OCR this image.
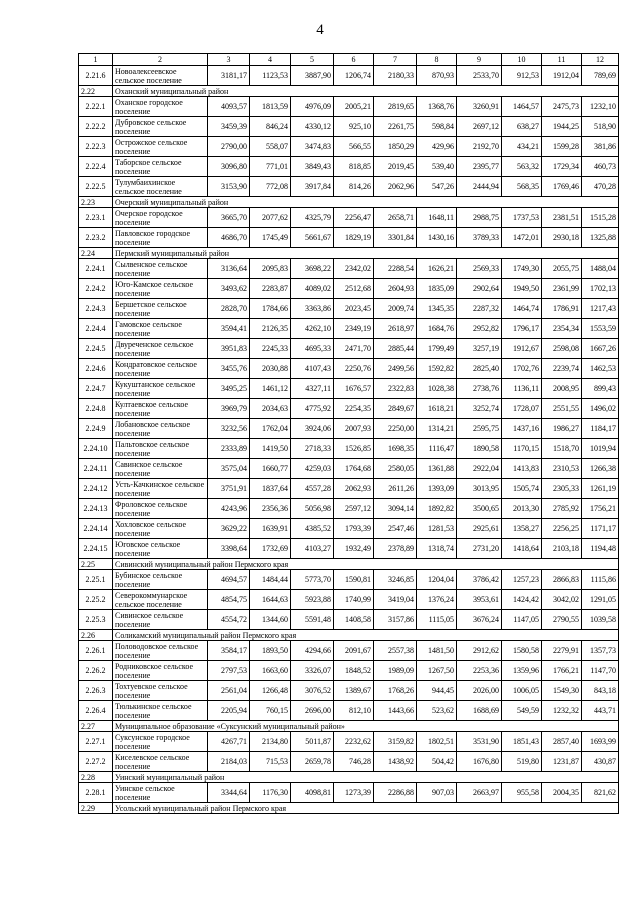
4
1	2	3	4	5	6	7	8	9	10	11	12
2.21.6	Новоалексеевское сельское поселение	3181,17	1123,53	3887,90	1206,74	2180,33	870,93	2533,70	912,53	1912,04	789,69
2.22	Оханский муниципальный район										
2.22.1	Оханское городское поселение	4093,57	1813,59	4976,09	2005,21	2819,65	1368,76	3260,91	1464,57	2475,73	1232,10
2.22.2	Дубровское сельское поселение	3459,39	846,24	4330,12	925,10	2261,75	598,84	2697,12	638,27	1944,25	518,90
2.22.3	Острожское сельское поселение	2790,00	558,07	3474,83	566,55	1850,29	429,96	2192,70	434,21	1599,28	381,86
2.22.4	Таборское сельское поселение	3096,80	771,01	3849,43	818,85	2019,45	539,40	2395,77	563,32	1729,34	460,73
2.22.5	Тулумбаихинское сельское поселение	3153,90	772,08	3917,84	814,26	2062,96	547,26	2444,94	568,35	1769,46	470,28
2.23	Очерский муниципальный район										
2.23.1	Очерское городское поселение	3665,70	2077,62	4325,79	2256,47	2658,71	1648,11	2988,75	1737,53	2381,51	1515,28
2.23.2	Павловское городское поселение	4686,70	1745,49	5661,67	1829,19	3301,84	1430,16	3789,33	1472,01	2930,18	1325,88
2.24	Пермский муниципальный район										
2.24.1	Сылвенское сельское поселение	3136,64	2095,83	3698,22	2342,02	2288,54	1626,21	2569,33	1749,30	2055,75	1488,04
2.24.2	Юго-Камское сельское поселение	3493,62	2283,87	4089,02	2512,68	2604,93	1835,09	2902,64	1949,50	2361,99	1702,13
2.24.3	Бершетское сельское поселение	2828,70	1784,66	3363,86	2023,45	2009,74	1345,35	2287,32	1464,74	1786,91	1217,43
2.24.4	Гамовское сельское поселение	3594,41	2126,35	4262,10	2349,19	2618,97	1684,76	2952,82	1796,17	2354,34	1553,59
2.24.5	Двуреченское сельское поселение	3951,83	2245,33	4695,33	2471,70	2885,44	1799,49	3257,19	1912,67	2598,08	1667,26
2.24.6	Кондратовское сельское поселение	3455,76	2030,88	4107,43	2250,76	2499,56	1592,82	2825,40	1702,76	2239,74	1462,53
2.24.7	Кукуштанское сельское поселение	3495,25	1461,12	4327,11	1676,57	2322,83	1028,38	2738,76	1136,11	2008,95	899,43
2.24.8	Култаевское сельское поселение	3969,79	2034,63	4775,92	2254,35	2849,67	1618,21	3252,74	1728,07	2551,55	1496,02
2.24.9	Лобановское сельское поселение	3232,56	1762,04	3924,06	2007,93	2250,00	1314,21	2595,75	1437,16	1986,27	1184,17
2.24.10	Пальтовское сельское поселение	2333,89	1419,50	2718,33	1526,85	1698,35	1116,47	1890,58	1170,15	1518,70	1019,94
2.24.11	Савинское сельское поселение	3575,04	1660,77	4259,03	1764,68	2580,05	1361,88	2922,04	1413,83	2310,53	1266,38
2.24.12	Усть-Качкинское сельское поселение	3751,91	1837,64	4557,28	2062,93	2611,26	1393,09	3013,95	1505,74	2305,33	1261,19
2.24.13	Фроловское сельское поселение	4243,96	2356,36	5056,98	2597,12	3094,14	1892,82	3500,65	2013,30	2785,92	1756,21
2.24.14	Хохловское сельское поселение	3629,22	1639,91	4385,52	1793,39	2547,46	1281,53	2925,61	1358,27	2256,25	1171,17
2.24.15	Юговское сельское поселение	3398,64	1732,69	4103,27	1932,49	2378,89	1318,74	2731,20	1418,64	2103,18	1194,48
2.25	Сивинский муниципальный район Пермского края										
2.25.1	Бубинское сельское поселение	4694,57	1484,44	5773,70	1590,81	3246,85	1204,04	3786,42	1257,23	2866,83	1115,86
2.25.2	Северокоммунарское сельское поселение	4854,75	1644,63	5923,88	1740,99	3419,04	1376,24	3953,61	1424,42	3042,02	1291,05
2.25.3	Сивинское сельское поселение	4554,72	1344,60	5591,48	1408,58	3157,86	1115,05	3676,24	1147,05	2790,55	1039,58
2.26	Соликамский муниципальный район Пермского края										
2.26.1	Половодовское сельское поселение	3584,17	1893,50	4294,66	2091,67	2557,38	1481,50	2912,62	1580,58	2279,91	1357,73
2.26.2	Родниковское сельское поселение	2797,53	1663,60	3326,07	1848,52	1989,09	1267,50	2253,36	1359,96	1766,21	1147,70
2.26.3	Тохтуевское сельское поселение	2561,04	1266,48	3076,52	1389,67	1768,26	944,45	2026,00	1006,05	1549,30	843,18
2.26.4	Тюлькинское сельское поселение	2205,94	760,15	2696,00	812,10	1443,66	523,62	1688,69	549,59	1232,32	443,71
2.27	Муниципальное образование «Суксунский муниципальный район»										
2.27.1	Суксунское городское поселение	4267,71	2134,80	5011,87	2232,62	3159,82	1802,51	3531,90	1851,43	2857,40	1693,99
2.27.2	Киселевское сельское поселение	2184,03	715,53	2659,78	746,28	1438,92	504,42	1676,80	519,80	1231,87	430,87
2.28	Уинский муниципальный район										
2.28.1	Уинское сельское поселение	3344,64	1176,30	4098,81	1273,39	2286,88	907,03	2663,97	955,58	2004,35	821,62
2.29	Усольский муниципальный район Пермского края										
